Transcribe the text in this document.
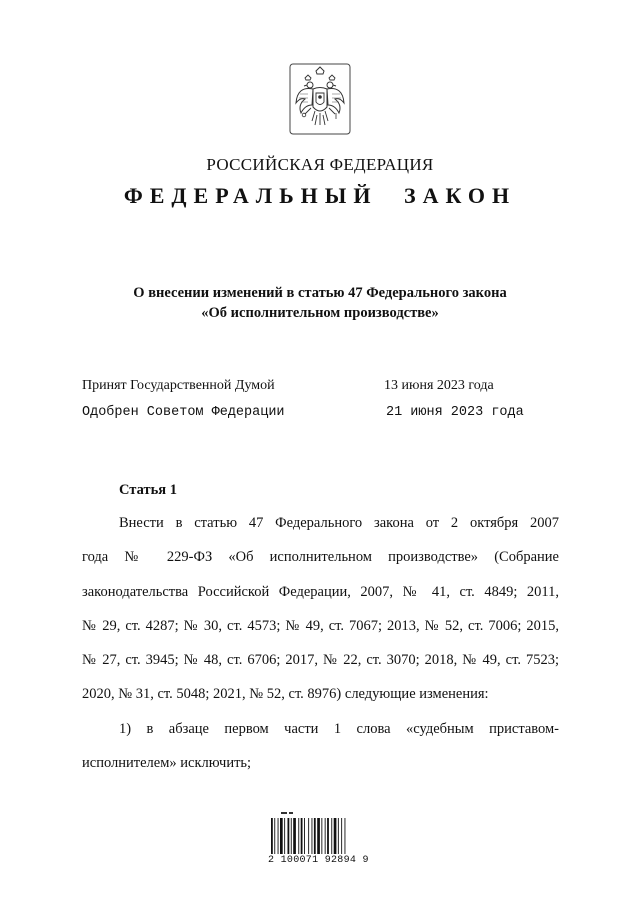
РОССИЙСКАЯ ФЕДЕРАЦИЯ
ФЕДЕРАЛЬНЫЙ ЗАКОН
О внесении изменений в статью 47 Федерального закона
«Об исполнительном производстве»
Принят Государственной Думой	13 июня 2023 года
Одобрен Советом Федерации	21 июня 2023 года
Статья 1
Внести в статью 47 Федерального закона от 2 октября 2007
года № 229-ФЗ «Об исполнительном производстве» (Собрание
законодательства Российской Федерации, 2007, № 41, ст. 4849; 2011,
№ 29, ст. 4287; № 30, ст. 4573; № 49, ст. 7067; 2013, № 52, ст. 7006; 2015,
№ 27, ст. 3945; № 48, ст. 6706; 2017, № 22, ст. 3070; 2018, № 49, ст. 7523;
2020, № 31, ст. 5048; 2021, № 52, ст. 8976) следующие изменения:
1) в абзаце первом части 1 слова «судебным приставом-
исполнителем» исключить;
2 100071 92894 9
